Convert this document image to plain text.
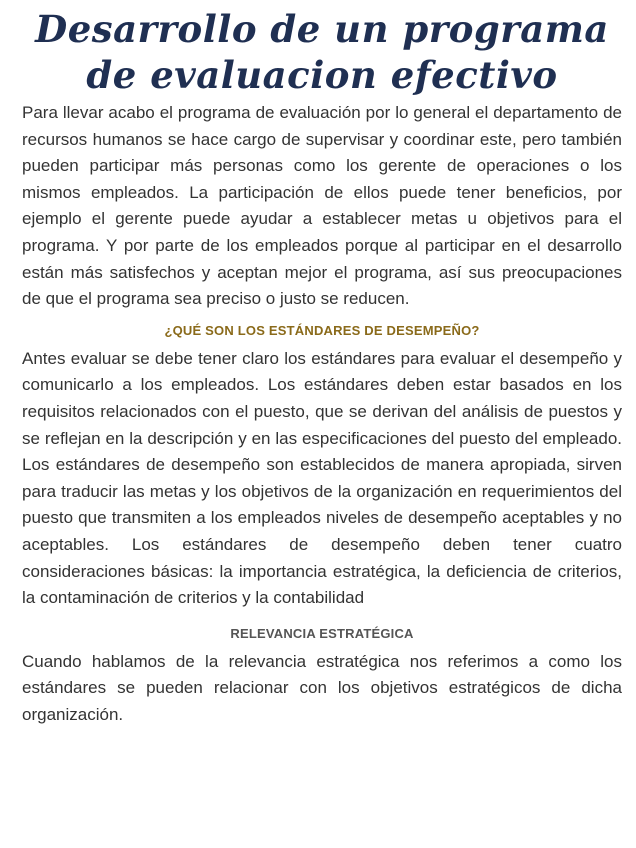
Desarrollo de un programa
de evaluacion efectivo

Para llevar acabo el programa de evaluación por lo general el departamento de recursos humanos se hace cargo de supervisar y coordinar este, pero también pueden participar más personas como los gerente de operaciones o los mismos empleados. La participación de ellos puede tener beneficios, por ejemplo el gerente puede ayudar a establecer metas u objetivos para el programa. Y por parte de los empleados porque al participar en el desarrollo están más satisfechos y aceptan mejor el programa, así sus preocupaciones de que el programa sea preciso o justo se reducen.

¿QUÉ SON LOS ESTÁNDARES DE DESEMPEÑO?

Antes evaluar se debe tener claro los estándares para evaluar el desempeño y comunicarlo a los empleados. Los estándares deben estar basados en los requisitos relacionados con el puesto, que se derivan del análisis de puestos y se reflejan en la descripción y en las especificaciones del puesto del empleado. Los estándares de desempeño son establecidos de manera apropiada, sirven para traducir las metas y los objetivos de la organización en requerimientos del puesto que transmiten a los empleados niveles de desempeño aceptables y no aceptables. Los estándares de desempeño deben tener cuatro consideraciones básicas: la importancia estratégica, la deficiencia de criterios, la contaminación de criterios y la contabilidad

RELEVANCIA ESTRATÉGICA

Cuando hablamos de la relevancia estratégica nos referimos a como los estándares se pueden relacionar con los objetivos estratégicos de dicha organización.
